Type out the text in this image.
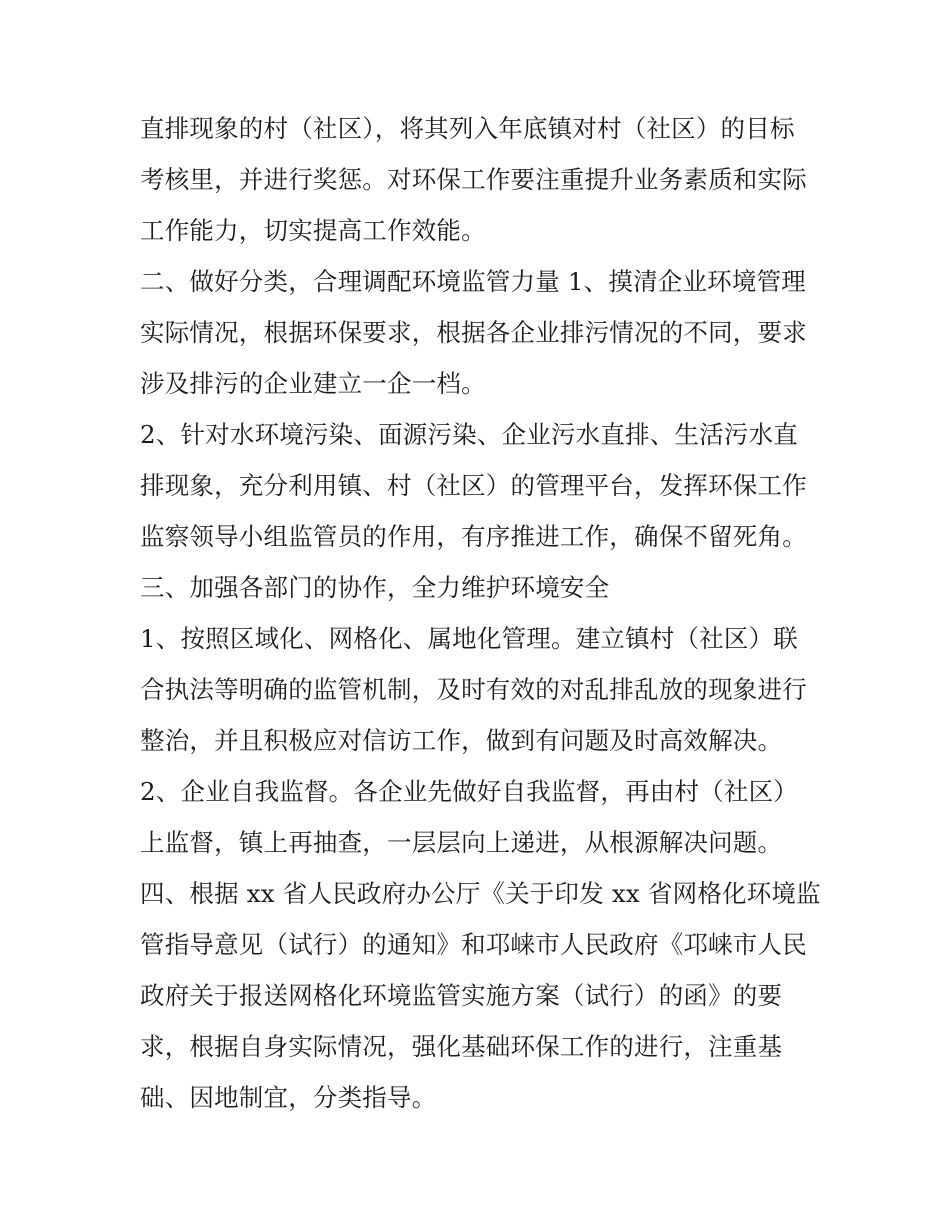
直排现象的村（社区），将其列入年底镇对村（社区）的目标
考核里，并进行奖惩。对环保工作要注重提升业务素质和实际
工作能力，切实提高工作效能。
二、做好分类，合理调配环境监管力量 1、摸清企业环境管理
实际情况，根据环保要求，根据各企业排污情况的不同，要求
涉及排污的企业建立一企一档。
2、针对水环境污染、面源污染、企业污水直排、生活污水直
排现象，充分利用镇、村（社区）的管理平台，发挥环保工作
监察领导小组监管员的作用，有序推进工作，确保不留死角。
三、加强各部门的协作，全力维护环境安全
1、按照区域化、网格化、属地化管理。建立镇村（社区）联
合执法等明确的监管机制，及时有效的对乱排乱放的现象进行
整治，并且积极应对信访工作，做到有问题及时高效解决。
2、企业自我监督。各企业先做好自我监督，再由村（社区）
上监督，镇上再抽查，一层层向上递进，从根源解决问题。
四、根据 xx 省人民政府办公厅《关于印发 xx 省网格化环境监
管指导意见（试行）的通知》和邛崃市人民政府《邛崃市人民
政府关于报送网格化环境监管实施方案（试行）的函》的要
求，根据自身实际情况，强化基础环保工作的进行，注重基
础、因地制宜，分类指导。
